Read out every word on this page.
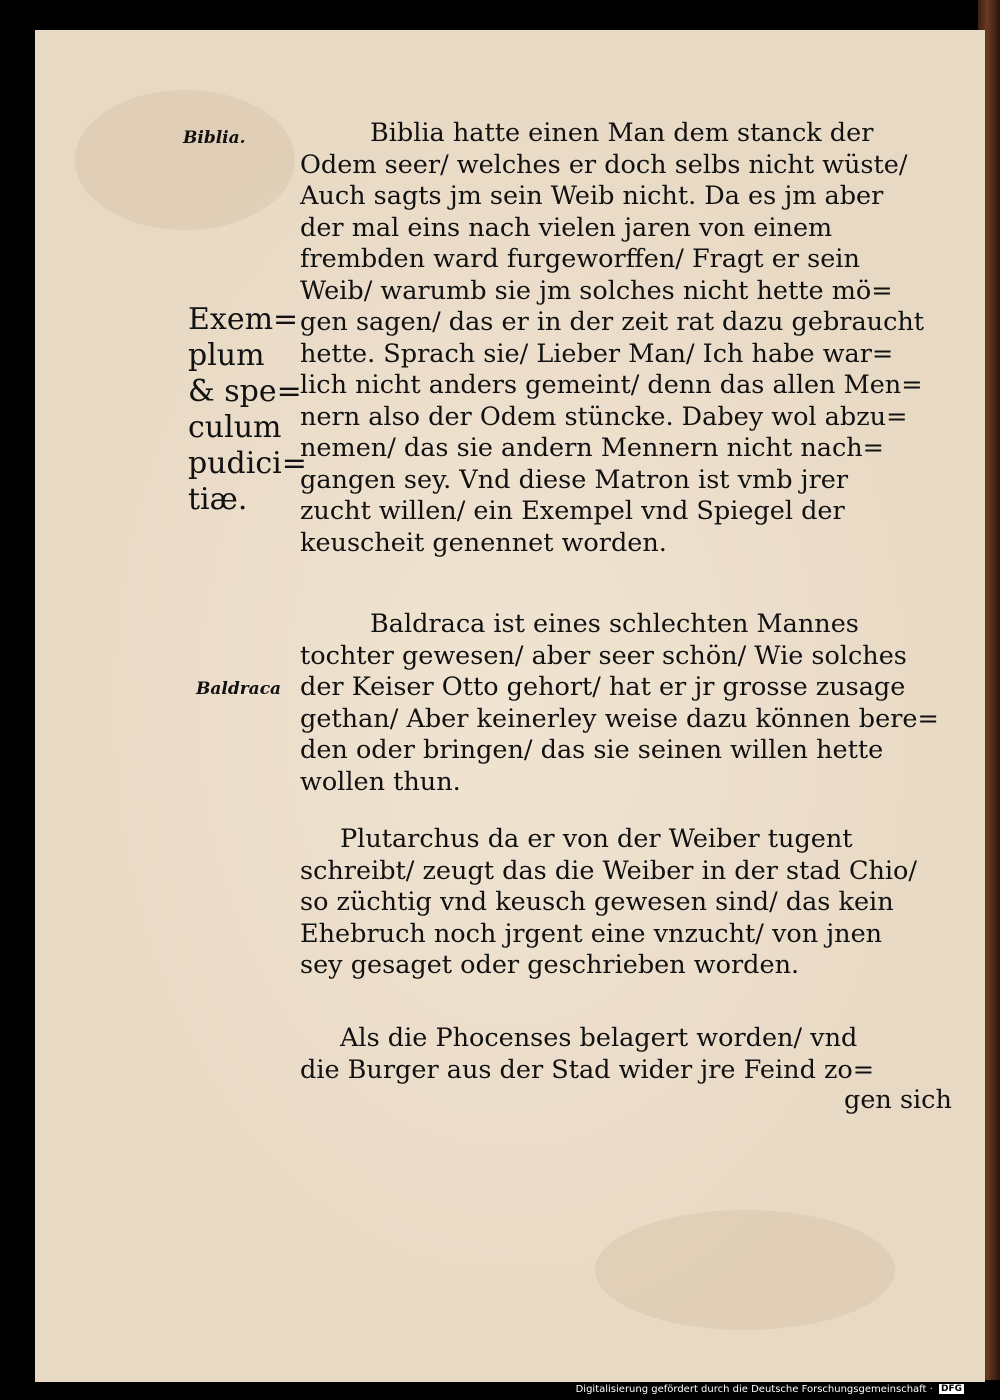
Biblia.
Exem=
plum
& spe=
culum
pudici=
tiæ.
Baldraca
Biblia hatte einen Man dem stanck der
Odem seer/ welches er doch selbs nicht wüste/
Auch sagts jm sein Weib nicht. Da es jm aber
der mal eins nach vielen jaren von einem
frembden ward furgeworffen/ Fragt er sein
Weib/ warumb sie jm solches nicht hette mö=
gen sagen/ das er in der zeit rat dazu gebraucht
hette. Sprach sie/ Lieber Man/ Ich habe war=
lich nicht anders gemeint/ denn das allen Men=
nern also der Odem stüncke. Dabey wol abzu=
nemen/ das sie andern Mennern nicht nach=
gangen sey. Vnd diese Matron ist vmb jrer
zucht willen/ ein Exempel vnd Spiegel der
keuscheit genennet worden.
Baldraca ist eines schlechten Mannes
tochter gewesen/ aber seer schön/ Wie solches
der Keiser Otto gehort/ hat er jr grosse zusage
gethan/ Aber keinerley weise dazu können bere=
den oder bringen/ das sie seinen willen hette
wollen thun.
Plutarchus da er von der Weiber tugent
schreibt/ zeugt das die Weiber in der stad Chio/
so züchtig vnd keusch gewesen sind/ das kein
Ehebruch noch jrgent eine vnzucht/ von jnen
sey gesaget oder geschrieben worden.
Als die Phocenses belagert worden/ vnd
die Burger aus der Stad wider jre Feind zo=
gen sich
Digitalisierung gefördert durch die Deutsche Forschungsgemeinschaft · DFG
